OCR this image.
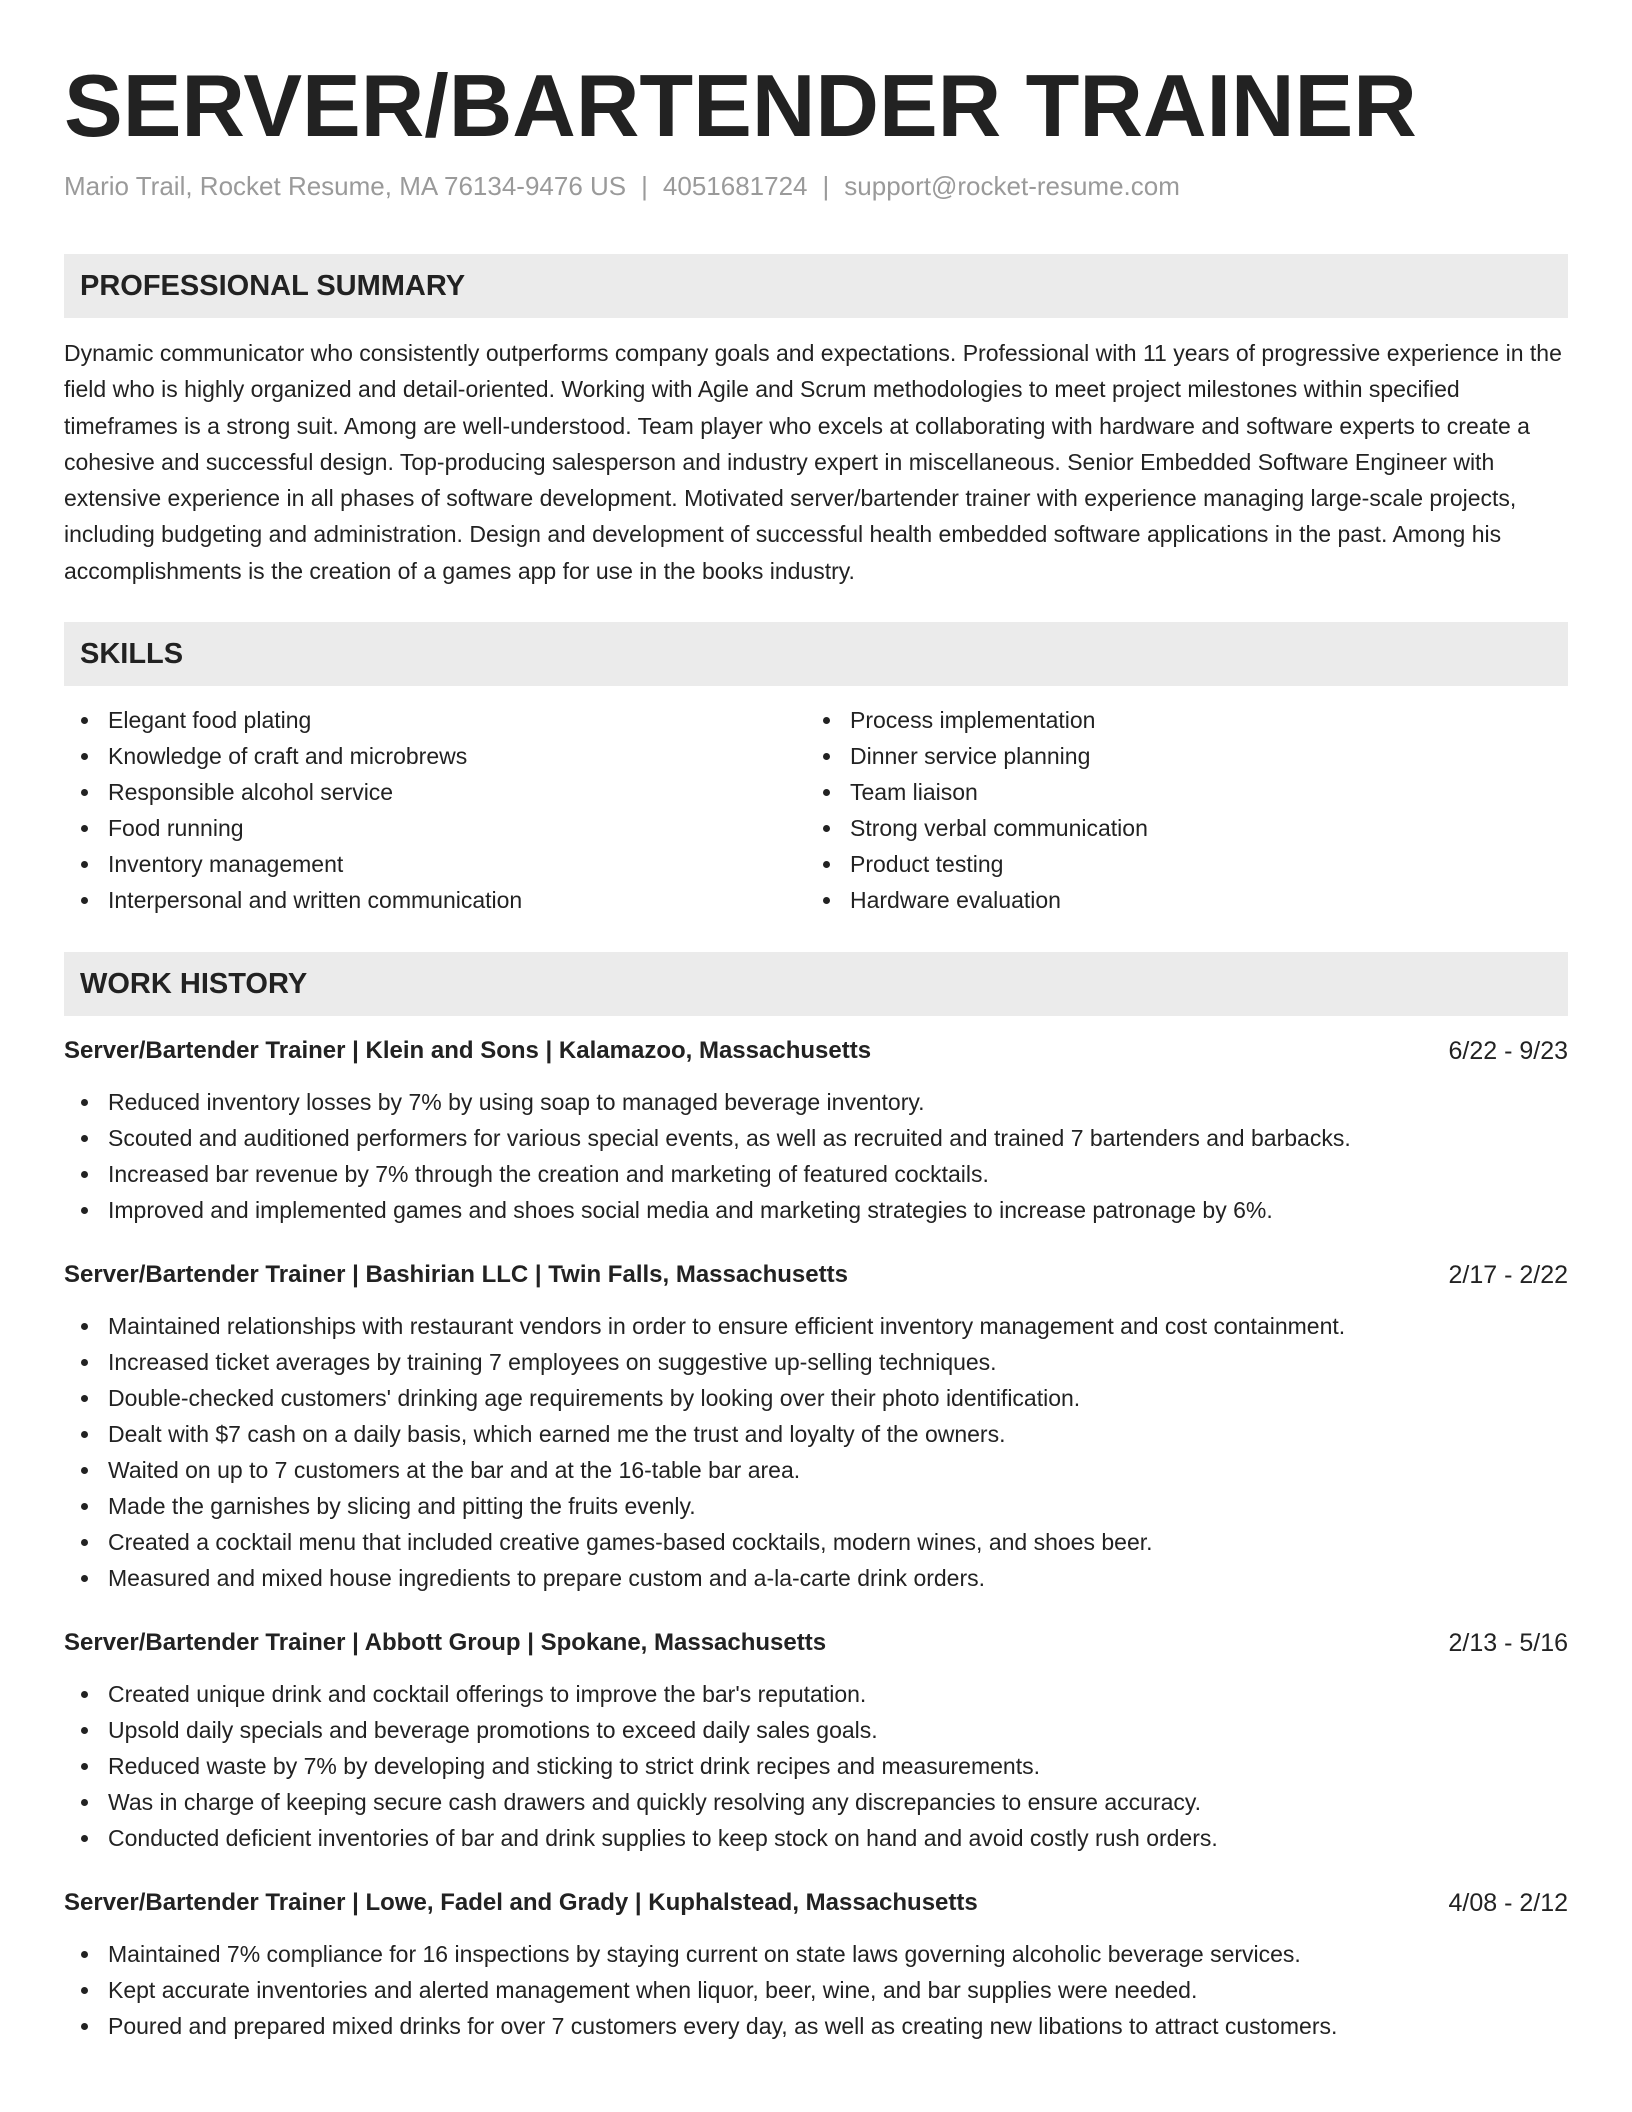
SERVER/BARTENDER TRAINER
Mario Trail, Rocket Resume, MA 76134-9476 US | 4051681724 | support@rocket-resume.com
PROFESSIONAL SUMMARY
Dynamic communicator who consistently outperforms company goals and expectations. Professional with 11 years of progressive experience in the field who is highly organized and detail-oriented. Working with Agile and Scrum methodologies to meet project milestones within specified timeframes is a strong suit. Among are well-understood. Team player who excels at collaborating with hardware and software experts to create a cohesive and successful design. Top-producing salesperson and industry expert in miscellaneous. Senior Embedded Software Engineer with extensive experience in all phases of software development. Motivated server/bartender trainer with experience managing large-scale projects, including budgeting and administration. Design and development of successful health embedded software applications in the past. Among his accomplishments is the creation of a games app for use in the books industry.
SKILLS
Elegant food plating
Knowledge of craft and microbrews
Responsible alcohol service
Food running
Inventory management
Interpersonal and written communication
Process implementation
Dinner service planning
Team liaison
Strong verbal communication
Product testing
Hardware evaluation
WORK HISTORY
Server/Bartender Trainer | Klein and Sons | Kalamazoo, Massachusetts	6/22 - 9/23
Reduced inventory losses by 7% by using soap to managed beverage inventory.
Scouted and auditioned performers for various special events, as well as recruited and trained 7 bartenders and barbacks.
Increased bar revenue by 7% through the creation and marketing of featured cocktails.
Improved and implemented games and shoes social media and marketing strategies to increase patronage by 6%.
Server/Bartender Trainer | Bashirian LLC | Twin Falls, Massachusetts	2/17 - 2/22
Maintained relationships with restaurant vendors in order to ensure efficient inventory management and cost containment.
Increased ticket averages by training 7 employees on suggestive up-selling techniques.
Double-checked customers' drinking age requirements by looking over their photo identification.
Dealt with $7 cash on a daily basis, which earned me the trust and loyalty of the owners.
Waited on up to 7 customers at the bar and at the 16-table bar area.
Made the garnishes by slicing and pitting the fruits evenly.
Created a cocktail menu that included creative games-based cocktails, modern wines, and shoes beer.
Measured and mixed house ingredients to prepare custom and a-la-carte drink orders.
Server/Bartender Trainer | Abbott Group | Spokane, Massachusetts	2/13 - 5/16
Created unique drink and cocktail offerings to improve the bar's reputation.
Upsold daily specials and beverage promotions to exceed daily sales goals.
Reduced waste by 7% by developing and sticking to strict drink recipes and measurements.
Was in charge of keeping secure cash drawers and quickly resolving any discrepancies to ensure accuracy.
Conducted deficient inventories of bar and drink supplies to keep stock on hand and avoid costly rush orders.
Server/Bartender Trainer | Lowe, Fadel and Grady | Kuphalstead, Massachusetts	4/08 - 2/12
Maintained 7% compliance for 16 inspections by staying current on state laws governing alcoholic beverage services.
Kept accurate inventories and alerted management when liquor, beer, wine, and bar supplies were needed.
Poured and prepared mixed drinks for over 7 customers every day, as well as creating new libations to attract customers.
